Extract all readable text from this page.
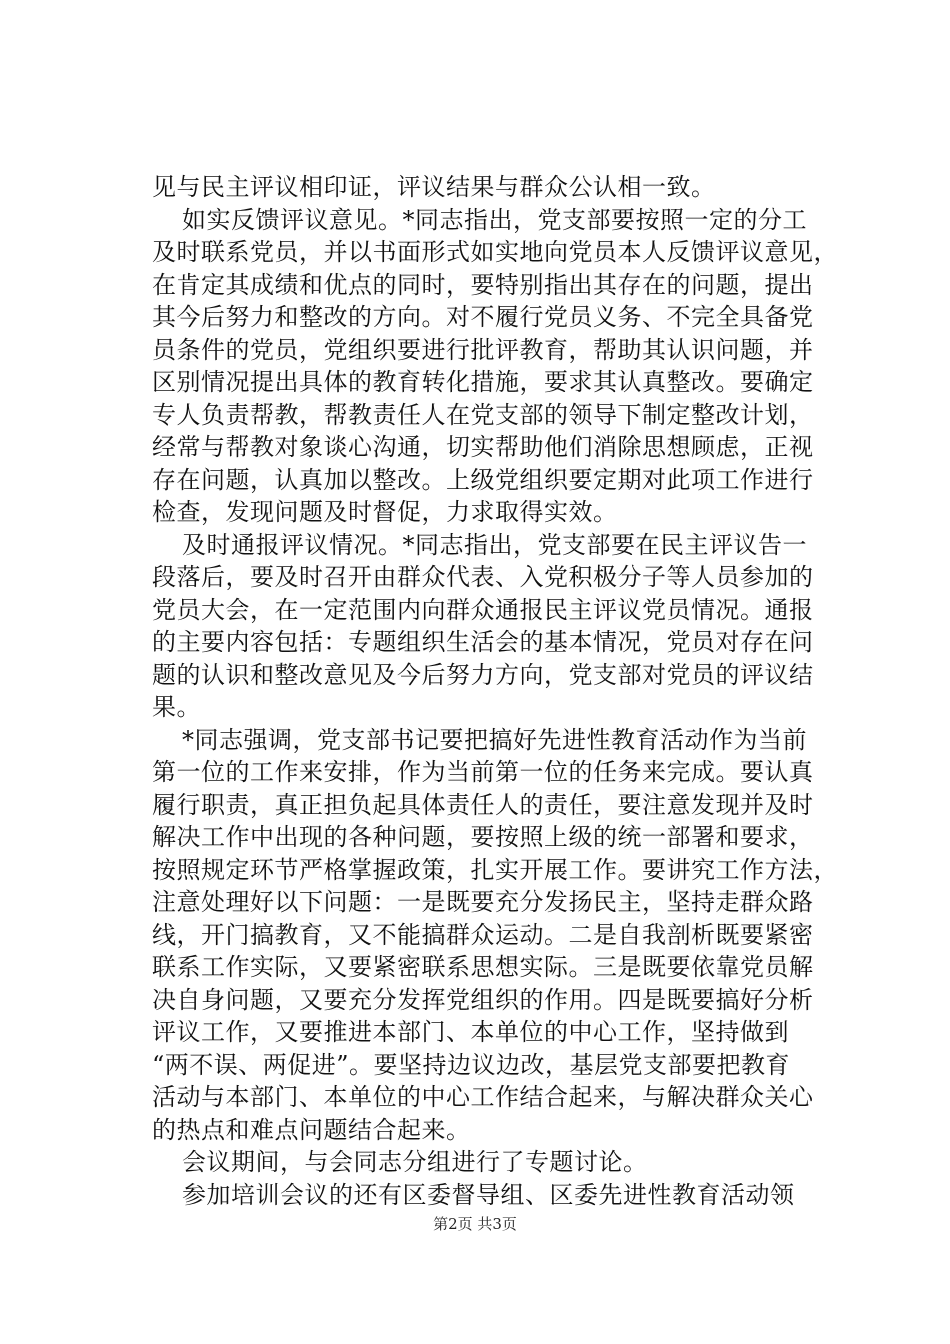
见与民主评议相印证，评议结果与群众公认相一致。
如实反馈评议意见。*同志指出，党支部要按照一定的分工
及时联系党员，并以书面形式如实地向党员本人反馈评议意见，
在肯定其成绩和优点的同时，要特别指出其存在的问题，提出
其今后努力和整改的方向。对不履行党员义务、不完全具备党
员条件的党员，党组织要进行批评教育，帮助其认识问题，并
区别情况提出具体的教育转化措施，要求其认真整改。要确定
专人负责帮教，帮教责任人在党支部的领导下制定整改计划，
经常与帮教对象谈心沟通，切实帮助他们消除思想顾虑，正视
存在问题，认真加以整改。上级党组织要定期对此项工作进行
检查，发现问题及时督促，力求取得实效。
及时通报评议情况。*同志指出，党支部要在民主评议告一
段落后，要及时召开由群众代表、入党积极分子等人员参加的
党员大会，在一定范围内向群众通报民主评议党员情况。通报
的主要内容包括：专题组织生活会的基本情况，党员对存在问
题的认识和整改意见及今后努力方向，党支部对党员的评议结
果。
*同志强调，党支部书记要把搞好先进性教育活动作为当前
第一位的工作来安排，作为当前第一位的任务来完成。要认真
履行职责，真正担负起具体责任人的责任，要注意发现并及时
解决工作中出现的各种问题，要按照上级的统一部署和要求，
按照规定环节严格掌握政策，扎实开展工作。要讲究工作方法，
注意处理好以下问题：一是既要充分发扬民主，坚持走群众路
线，开门搞教育，又不能搞群众运动。二是自我剖析既要紧密
联系工作实际，又要紧密联系思想实际。三是既要依靠党员解
决自身问题，又要充分发挥党组织的作用。四是既要搞好分析
评议工作，又要推进本部门、本单位的中心工作，坚持做到
“两不误、两促进”。要坚持边议边改，基层党支部要把教育
活动与本部门、本单位的中心工作结合起来，与解决群众关心
的热点和难点问题结合起来。
会议期间，与会同志分组进行了专题讨论。
参加培训会议的还有区委督导组、区委先进性教育活动领
第2页 共3页
